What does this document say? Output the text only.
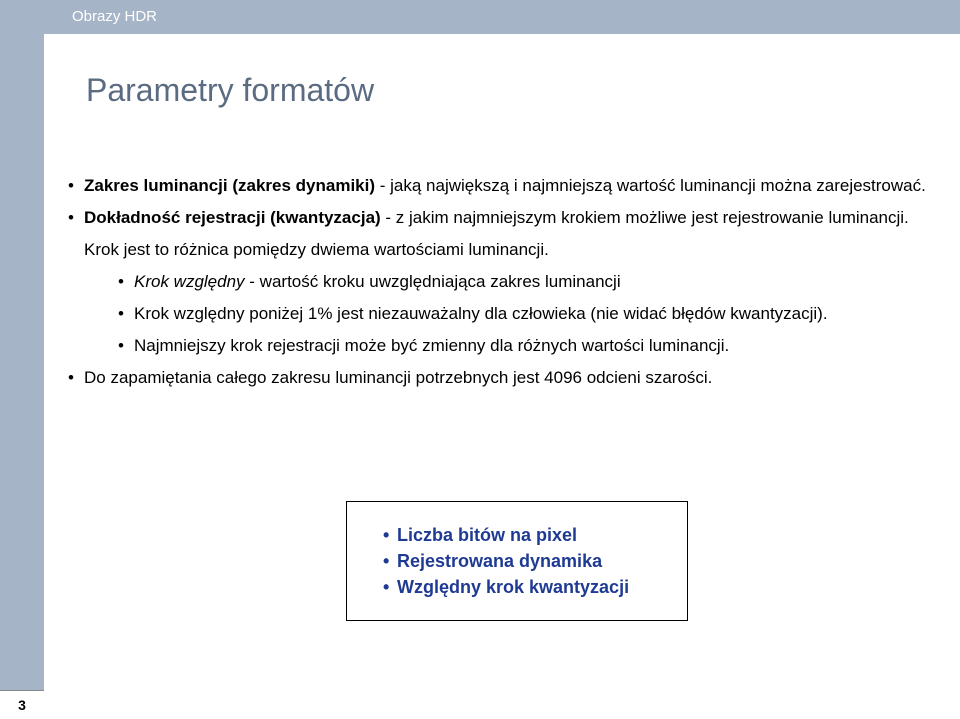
Obrazy HDR
3
Parametry formatów
• Zakres luminancji (zakres dynamiki) - jaką największą i najmniejszą wartość luminancji można zarejestrować.
• Dokładność rejestracji (kwantyzacja) - z jakim najmniejszym krokiem możliwe jest rejestrowanie luminancji. Krok jest to różnica pomiędzy dwiema wartościami luminancji.
• Krok względny - wartość kroku uwzględniająca zakres luminancji
• Krok względny poniżej 1% jest niezauważalny dla człowieka (nie widać błędów kwantyzacji).
• Najmniejszy krok rejestracji może być zmienny dla różnych wartości luminancji.
• Do zapamiętania całego zakresu luminancji potrzebnych jest 4096 odcieni szarości.
• Liczba bitów na pixel
• Rejestrowana dynamika
• Względny krok kwantyzacji
